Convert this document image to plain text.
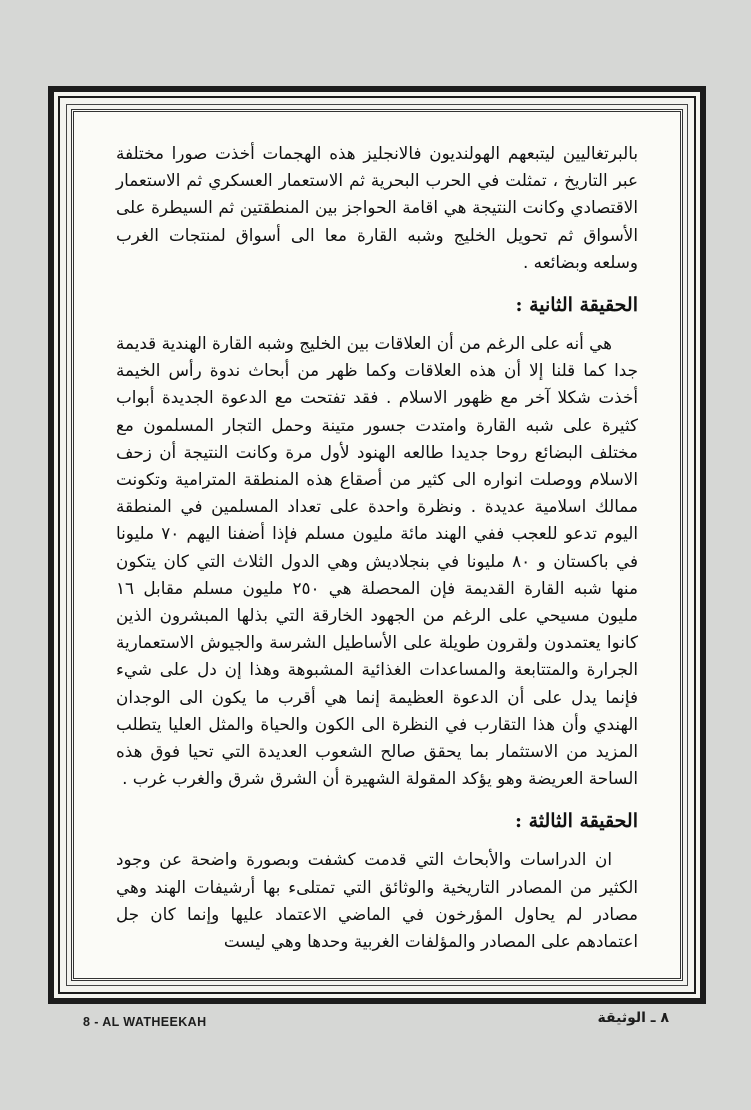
بالبرتغاليين ليتبعهم الهولنديون فالانجليز هذه الهجمات أخذت صورا مختلفة عبر التاريخ ، تمثلت في الحرب البحرية ثم الاستعمار العسكري ثم الاستعمار الاقتصادي وكانت النتيجة هي اقامة الحواجز بين المنطقتين ثم السيطرة على الأسواق ثم تحويل الخليج وشبه القارة معا الى أسواق لمنتجات الغرب وسلعه وبضائعه .

الحقيقة الثانية :

هي أنه على الرغم من أن العلاقات بين الخليج وشبه القارة الهندية قديمة جدا كما قلنا إلا أن هذه العلاقات وكما ظهر من أبحاث ندوة رأس الخيمة أخذت شكلا آخر مع ظهور الاسلام . فقد تفتحت مع الدعوة الجديدة أبواب كثيرة على شبه القارة وامتدت جسور متينة وحمل التجار المسلمون مع مختلف البضائع روحا جديدا طالعه الهنود لأول مرة وكانت النتيجة أن زحف الاسلام ووصلت انواره الى كثير من أصقاع هذه المنطقة المترامية وتكونت ممالك اسلامية عديدة . ونظرة واحدة على تعداد المسلمين في المنطقة اليوم تدعو للعجب ففي الهند مائة مليون مسلم فإذا أضفنا اليهم ٧٠ مليونا في باكستان و ٨٠ مليونا في بنجلاديش وهي الدول الثلاث التي كان يتكون منها شبه القارة القديمة فإن المحصلة هي ٢٥٠ مليون مسلم مقابل ١٦ مليون مسيحي على الرغم من الجهود الخارقة التي بذلها المبشرون الذين كانوا يعتمدون ولقرون طويلة على الأساطيل الشرسة والجيوش الاستعمارية الجرارة والمتتابعة والمساعدات الغذائية المشبوهة وهذا إن دل على شيء فإنما يدل على أن الدعوة العظيمة إنما هي أقرب ما يكون الى الوجدان الهندي وأن هذا التقارب في النظرة الى الكون والحياة والمثل العليا يتطلب المزيد من الاستثمار بما يحقق صالح الشعوب العديدة التي تحيا فوق هذه الساحة العريضة وهو يؤكد المقولة الشهيرة أن الشرق شرق والغرب غرب .

الحقيقة الثالثة :

ان الدراسات والأبحاث التي قدمت كشفت وبصورة واضحة عن وجود الكثير من المصادر التاريخية والوثائق التي تمتلىء بها أرشيفات الهند وهي مصادر لم يحاول المؤرخون في الماضي الاعتماد عليها وإنما كان جل اعتمادهم على المصادر والمؤلفات الغربية وحدها وهي ليست

8 - AL WATHEEKAH	٨ ـ الوثيقة
